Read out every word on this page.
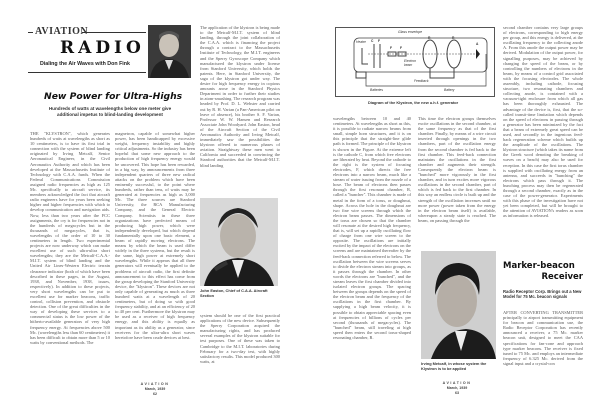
AVIATION
RADIO
Dialing the Air Waves with Don Fink
The application of the klystron is being made to the Metcalf-M.I.T. system of blind landing, through the joint collaboration of the C.A.A. which is financing the project through a contract to the Massachusetts Institute of Technology, the M.I.T. engineers and the Sperry Gyroscope Company which manufactured the klystron under license from Stanford University, which holds the patents. Here, in Stanford University, the saga of the klystron got under way. The desire for high frequency energy in copious amounts arose in the Stanford Physics Department in order to further their studies in atom-smashing. The research program was headed by Prof. D. L. Webster and carried out by R. H. Varian (a Pan-American pilot on leave of absence), his brother S. F. Varian, Professor W. W. Hansen and Research Associate John Woodyard. John Easton, head of the Aircraft Section of the Civil Aeronautics Authority and Irving Metcalf, immediately saw the possibilities the klystron offered to numerous phases of aviation. Straightway these men went to California and succeeded in convincing the Stanford authorities that the Metcalf-M.I.T. blind landing
New Power for Ultra-Highs
Hundreds of watts at wavelengths below one meter give additional impetus to blind-landing development
THE "KLYSTRON", which generates hundreds of watts at wavelengths as short as 10 centimeters, is to have its first trial in connection with the system of blind landing originated by Irving Metcalf, Senior Aeronautical Engineer, in the Civil Aeronautics Authority and which has been developed at the Massachusetts Institute of Technology with C.A.A. funds. When the Federal Communications Commission assigned radio frequencies as high as 125 Mc. specifically to aircraft service, its members acknowledged the fact that aircraft radio engineers have for years been seeking higher and higher frequencies with which to develop communication and navigation aids. Now, less than two years after the FCC assignments, the cry is for frequencies not in the hundreds of megacycles but in the thousands of megacycles, that is, wavelengths of the order of 10 to 30 centimeters in length. Two experimental projects are now underway which can make excellent use of such ultra-ultra short wavelengths; they are the Metcalf-C.A.A.-M.I.T. system of blind landing and the United Air Lines-Western Electric terrain clearance indicator (both of which have been described in these pages, in the August, 1938, and November, 1938, issues, respectively). In addition to these projects, very short wavelengths can be put to excellent use for marker beacons, traffic control, collision prevention, and obstacle detection. One of the great difficulties in the way of developing these services to a commercial status is the low power of the hitherto-available generators of very high frequency energy. At frequencies above 500 Mc. (wavelengths less than 60 centimeters) it has been difficult to obtain more than 5 or 10 watts by conventional methods. The
magnetron, capable of somewhat higher power, has been handicapped by excessive weight, frequency instability and highly critical adjustments. So the industry has been hopeful that some new approach to the production of high frequency energy would be uncovered. This hope has been rewarded, in a big way, by announcements from three independent quarters of three new radical attacks on the problem which have been eminently successful, to the point where hundreds, rather than tens, of watts may be generated at frequencies as high as 3,000 Mc. The three sources are Stanford University, the RCA Manufacturing Company, and the General Electric Company. Scientists in these three organizations have perfected means of producing high power, which were independently developed, but which depend fundamentally upon one basic element, a beam of rapidly moving electrons. The means by which the beam is used differ widely in the three systems, but the result is the same, high power at extremely short wavelengths. While it appears that all three generators will eventually be applied to the problems of aircraft radio, the first definite announcement to this effect has come from the group developing the Stanford University device, the "klystron". These devices are not only capable of generating as much as three hundred watts at a wavelength of 20 centimeters, but of doing so with good frequency stability, and at an efficiency of 20 to 40 per cent. Furthermore the klystron may be used as a receiver of high frequency energy, and this ability is equally as important as its ability as a generator, since receivers for the ultra-ultra short waves heretofore have been crude devices at best.
John Easton, Chief of C.A.A. Aircraft Section
system should be one of the first practical applications of the new device. Subsequently the Sperry Corporation acquired the manufacturing rights, and has produced several examples of the klystron suitable for test purposes. One of these was taken to Cambridge to the M.I.T. laboratories during February for a two-day test, with highly satisfactory results. This model produced 300 watts, at
AVIATION
March, 1939
62
Glass envelope
Heater C F
F F
R	R
A
Electron beam
Feedback
Batteries	Battery
Diagram of the Klystron, the new u.h.f. generator
wavelengths between 10 and 40 centimeters. At wavelengths as short as this, it is possible to radiate narrow beams from small, simple horn structures, and it is on this principle that the straight-line glide path is formed. The principle of the klystron is shown in the Figure. At the extreme left is the cathode C, from which free electrons are liberated by heat. Beyond the cathode to the right is the system of focusing electrodes, F, which directs the free electrons into a narrow beam, much like a stream of water issuing from the nozzle of a hose. The beam of electrons then passes through the first resonant chamber, R, called a "buncher". This chamber is made of metal in the form of a torus, or doughnut, shape. Across the hole in the doughnut are two fine wire screens through which the electron beam passes. The dimensions of the torus are chosen so that the chamber will resonate at the desired high frequency, that is, will set up a rapidly oscillating flow of charge from one wire screen to the opposite. The oscillations are initially excited by the impact of the electrons on the screens and are maintained thereafter by the feed-back connection referred to below. The oscillation between the wire screens serves to divide the electron stream into groups, as it passes through the chamber. In other words the electrons are "bunched", and the stream leaves the first chamber divided into isolated electron groups. The spacing between the groups depends on the speed of the electron beam and the frequency of the oscillations in the first chamber. By supplying a high beam velocity, it is possible to obtain appreciable spacing even at frequencies of billions of cycles per second (thousands of megacycles). The "bunched" beam, still traveling at high speed then enters the second torus-shaped resonating chamber, R.
This time the electron groups themselves excite oscillations in the second chamber, at the same frequency as that of the first chamber. Finally, by means of a wire circuit inserted through openings in the two chambers, part of the oscillation energy from the second chamber is fed back to the first chamber. This feed-back connection maintains the oscillations in the first chamber and augments their strength. Consequently the electron beam is "bunched" more vigorously in the first chamber, and in turn excites more vigorous oscillations in the second chamber, part of which is fed back to the first chamber. In this way an endless circle is built up and the strength of the oscillation increases until no more power (power taken from the energy in the electron beam itself) is available, whereupon a steady state is reached. The beam, on passing through the
Irving Metcalf, in whose system the Klystron is to be applied
second chamber contains very large groups of electrons, corresponding to high energy per group, and this energy is delivered, at the oscillating frequency to the collecting anode A. From this anode the output power may be derived. Modulation of the output power, for signalling purposes, may be achieved by changing the speed of the beam, or by controlling the numbers of electrons in the beam, by means of a control grid associated with the focusing electrodes. The whole assembly, including cathode, focusing structure, two resonating chambers and collecting anode, is contained with a vacuum-tight enclosure from which all gas has been thoroughly exhausted. The advantage of the device is, first, that the so-called transit-time limitation which depends on the speed of electrons in passing through a generator has been minimized by the fact that a beam of extremely great speed can be used, and secondly in the ingenious feed-back regeneration scheme which builds up the amplitude of the oscillations. The klystron structure (which takes its name from the Greek word denoting the breaking of waves on a beach) may also be used for reception. In this case the first torus chamber is supplied with oscillating energy from an antenna, and succeeds in "bunching" the electrons which pass through it. The bunching process may then be regenerated through a second chamber, exactly as in the case of the power-generator. Experiments with this phase of the investigation have not yet been completed, but will be brought to the attention of AVIATION's readers as soon as information is released.
Marker-beacon
Receiver
Radio Receptor Corp. Brings out a New Model for 75 Mc. beacon signals
AFTER CONVERTING TRANSMITTER principally to airport transmitting equipment for beacon and communication use, the Radio Receptor Corporation has recently announced a receiver, a 75 Mc. marker beacon unit, designed to meet the CAA specifications for fan-cone and approach type marker beacons. The receiver is fixed tuned to 75 Mc. and employs an intermediate frequency of 6.325 Mc. derived from the signal input and a crystal-con
AVIATION
March, 1939
63
